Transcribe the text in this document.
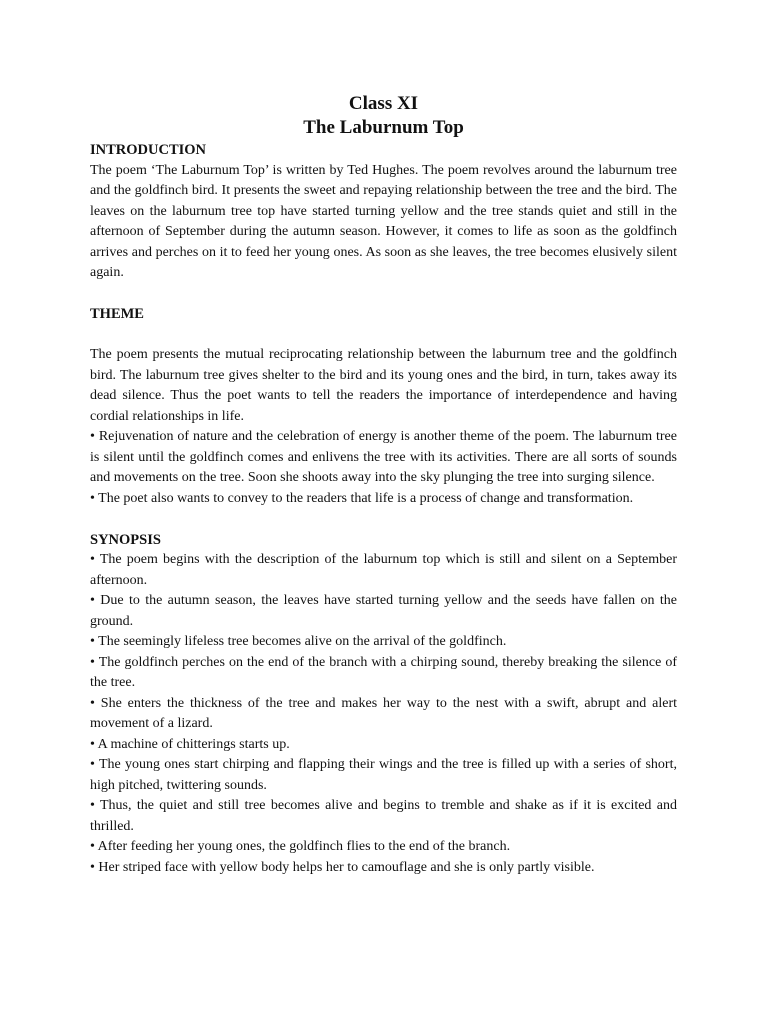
Class XI

The Laburnum Top

INTRODUCTION

The poem ‘The Laburnum Top’ is written by Ted Hughes. The poem revolves around the laburnum tree and the goldfinch bird. It presents the sweet and repaying relationship between the tree and the bird. The leaves on the laburnum tree top have started turning yellow and the tree stands quiet and still in the afternoon of September during the autumn season. However, it comes to life as soon as the goldfinch arrives and perches on it to feed her young ones. As soon as she leaves, the tree becomes elusively silent again.

THEME

The poem presents the mutual reciprocating relationship between the laburnum tree and the goldfinch bird. The laburnum tree gives shelter to the bird and its young ones and the bird, in turn, takes away its dead silence. Thus the poet wants to tell the readers the importance of interdependence and having cordial relationships in life.

• Rejuvenation of nature and the celebration of energy is another theme of the poem. The laburnum tree is silent until the goldfinch comes and enlivens the tree with its activities. There are all sorts of sounds and movements on the tree. Soon she shoots away into the sky plunging the tree into surging silence.

• The poet also wants to convey to the readers that life is a process of change and transformation.

SYNOPSIS

• The poem begins with the description of the laburnum top which is still and silent on a September afternoon.

• Due to the autumn season, the leaves have started turning yellow and the seeds have fallen on the ground.

• The seemingly lifeless tree becomes alive on the arrival of the goldfinch.

• The goldfinch perches on the end of the branch with a chirping sound, thereby breaking the silence of the tree.

• She enters the thickness of the tree and makes her way to the nest with a swift, abrupt and alert movement of a lizard.

• A machine of chitterings starts up.

• The young ones start chirping and flapping their wings and the tree is filled up with a series of short, high pitched, twittering sounds.

• Thus, the quiet and still tree becomes alive and begins to tremble and shake as if it is excited and thrilled.

• After feeding her young ones, the goldfinch flies to the end of the branch.

• Her striped face with yellow body helps her to camouflage and she is only partly visible.
